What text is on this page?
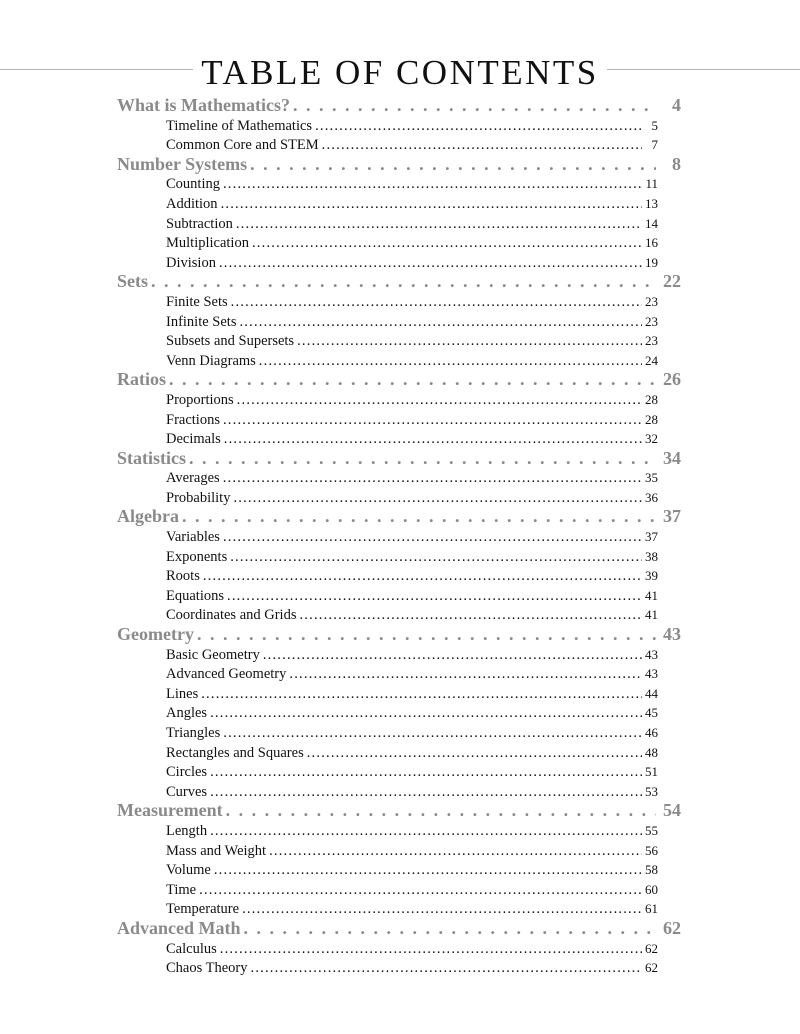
TABLE OF CONTENTS
What is Mathematics? . . .	4
Timeline of Mathematics .....	5
Common Core and STEM .....	7
Number Systems . . .	8
Counting .....	11
Addition .....	13
Subtraction .....	14
Multiplication .....	16
Division .....	19
Sets . . .	22
Finite Sets .....	23
Infinite Sets .....	23
Subsets and Supersets .....	23
Venn Diagrams .....	24
Ratios . . .	26
Proportions .....	28
Fractions .....	28
Decimals .....	32
Statistics . . .	34
Averages .....	35
Probability .....	36
Algebra . . .	37
Variables .....	37
Exponents .....	38
Roots .....	39
Equations .....	41
Coordinates and Grids .....	41
Geometry . . .	43
Basic Geometry .....	43
Advanced Geometry .....	43
Lines .....	44
Angles .....	45
Triangles .....	46
Rectangles and Squares .....	48
Circles .....	51
Curves .....	53
Measurement . . .	54
Length .....	55
Mass and Weight .....	56
Volume .....	58
Time .....	60
Temperature .....	61
Advanced Math . . .	62
Calculus .....	62
Chaos Theory .....	62
